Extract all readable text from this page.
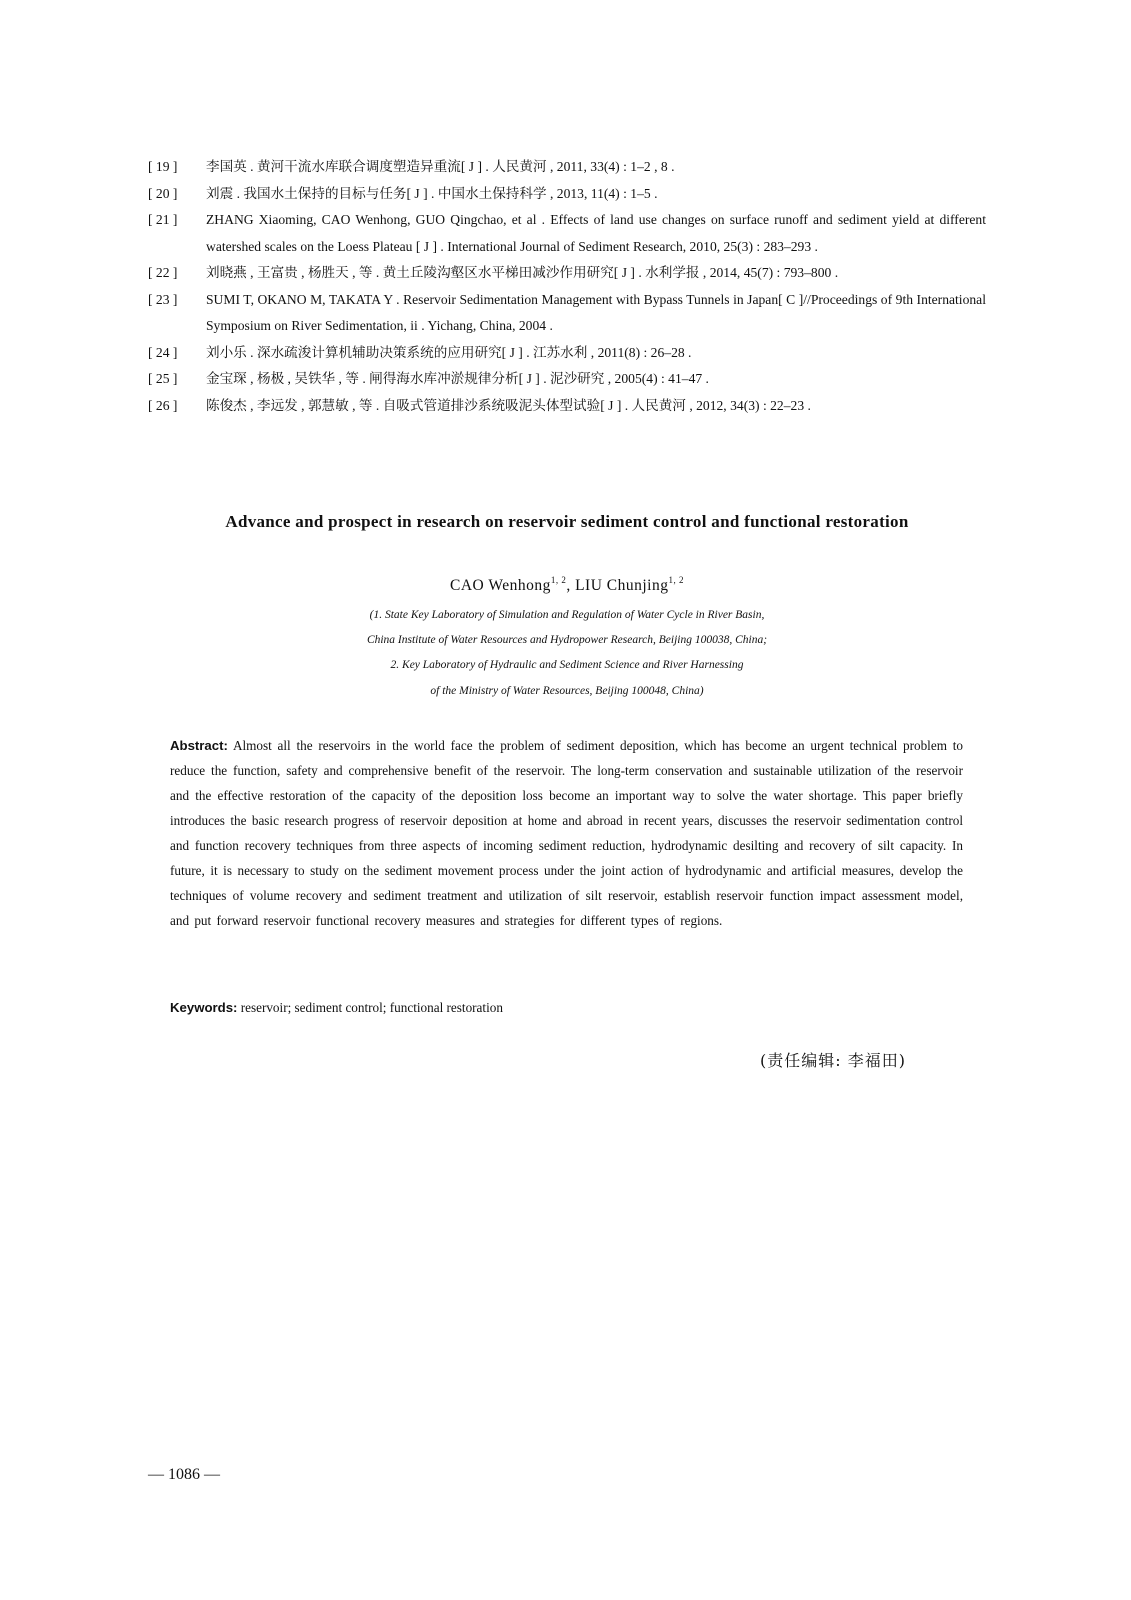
[ 19 ]	李国英 . 黄河干流水库联合调度塑造异重流[ J ] . 人民黄河 , 2011, 33(4) : 1–2 , 8 .
[ 20 ]	刘震 . 我国水土保持的目标与任务[ J ] . 中国水土保持科学 , 2013, 11(4) : 1–5 .
[ 21 ]	ZHANG Xiaoming, CAO Wenhong, GUO Qingchao, et al . Effects of land use changes on surface runoff and sediment yield at different watershed scales on the Loess Plateau [ J ] . International Journal of Sediment Research, 2010, 25(3) : 283–293 .
[ 22 ]	刘晓燕 , 王富贵 , 杨胜天 , 等 . 黄土丘陵沟壑区水平梯田减沙作用研究[ J ] . 水利学报 , 2014, 45(7) : 793–800 .
[ 23 ]	SUMI T, OKANO M, TAKATA Y . Reservoir Sedimentation Management with Bypass Tunnels in Japan[ C ]//Proceedings of 9th International Symposium on River Sedimentation, ii . Yichang, China, 2004 .
[ 24 ]	刘小乐 . 深水疏浚计算机辅助决策系统的应用研究[ J ] . 江苏水利 , 2011(8) : 26–28 .
[ 25 ]	金宝琛 , 杨极 , 吴铁华 , 等 . 闸得海水库冲淤规律分析[ J ] . 泥沙研究 , 2005(4) : 41–47 .
[ 26 ]	陈俊杰 , 李远发 , 郭慧敏 , 等 . 自吸式管道排沙系统吸泥头体型试验[ J ] . 人民黄河 , 2012, 34(3) : 22–23 .
Advance and prospect in research on reservoir sediment control and functional restoration
CAO Wenhong$^{1, 2}$, LIU Chunjing$^{1, 2}$
(1. State Key Laboratory of Simulation and Regulation of Water Cycle in River Basin,
China Institute of Water Resources and Hydropower Research, Beijing 100038, China;
2. Key Laboratory of Hydraulic and Sediment Science and River Harnessing
of the Ministry of Water Resources, Beijing 100048, China)
Abstract: Almost all the reservoirs in the world face the problem of sediment deposition, which has become an urgent technical problem to reduce the function, safety and comprehensive benefit of the reservoir. The long-term conservation and sustainable utilization of the reservoir and the effective restoration of the capacity of the deposition loss become an important way to solve the water shortage. This paper briefly introduces the basic research progress of reservoir deposition at home and abroad in recent years, discusses the reservoir sedimentation control and function recovery techniques from three aspects of incoming sediment reduction, hydrodynamic desilting and recovery of silt capacity. In future, it is necessary to study on the sediment movement process under the joint action of hydrodynamic and artificial measures, develop the techniques of volume recovery and sediment treatment and utilization of silt reservoir, establish reservoir function impact assessment model, and put forward reservoir functional recovery measures and strategies for different types of regions.
Keywords: reservoir; sediment control; functional restoration
(责任编辑: 李福田)
— 1086 —
